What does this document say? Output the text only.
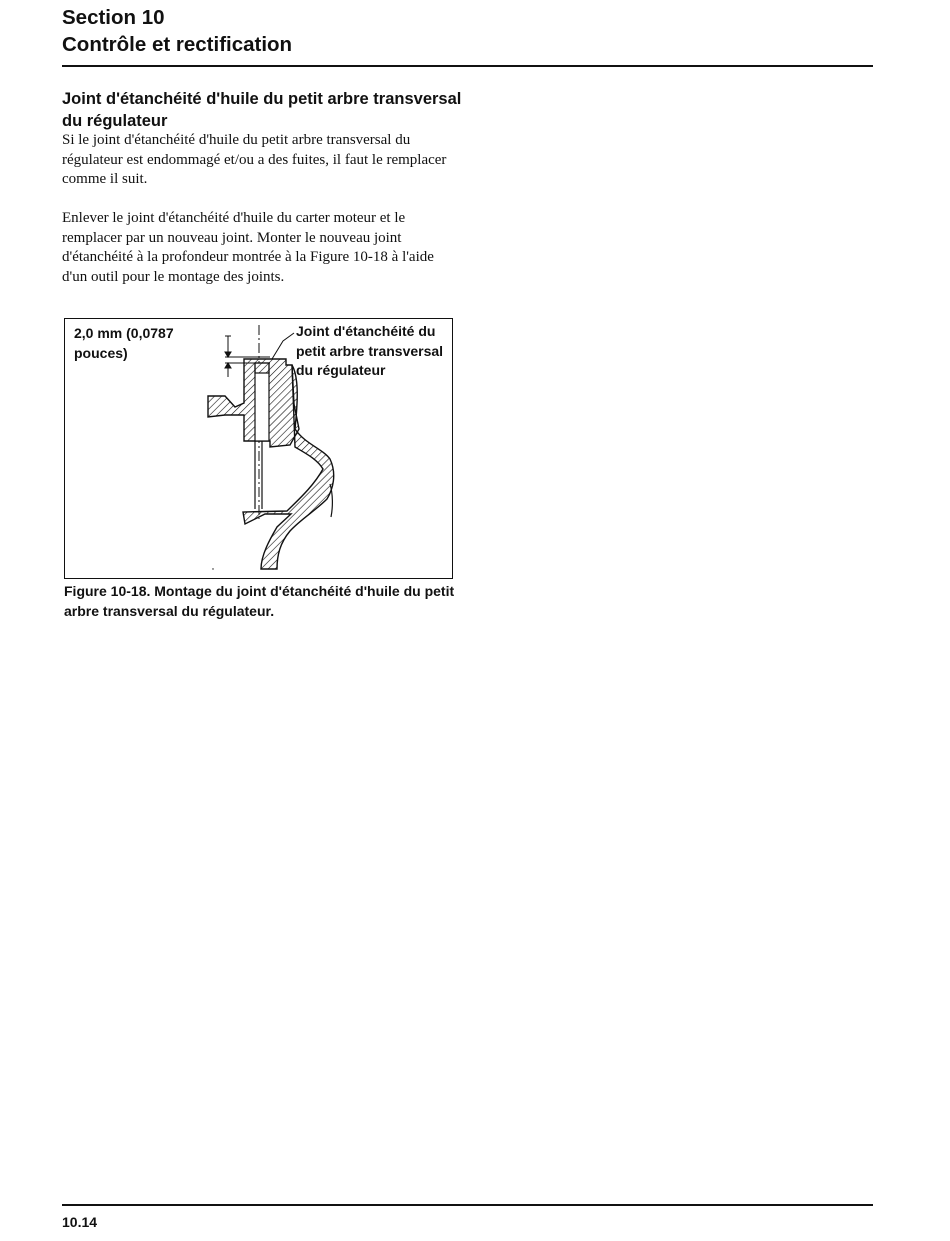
Section 10
Contrôle et rectification
Joint d'étanchéité d'huile du petit arbre transversal du régulateur
Si le joint d'étanchéité d'huile du petit arbre transversal du régulateur est endommagé et/ou a des fuites, il faut le remplacer comme il suit.
Enlever le joint d'étanchéité d'huile du carter moteur et le remplacer par un nouveau joint. Monter le nouveau joint d'étanchéité à la profondeur montrée à la Figure 10-18 à l'aide d'un outil pour le montage des joints.
2,0 mm (0,0787 pouces)
Joint d'étanchéité du petit arbre transversal du régulateur
Figure 10-18. Montage du joint d'étanchéité d'huile du petit arbre transversal du régulateur.
10.14
